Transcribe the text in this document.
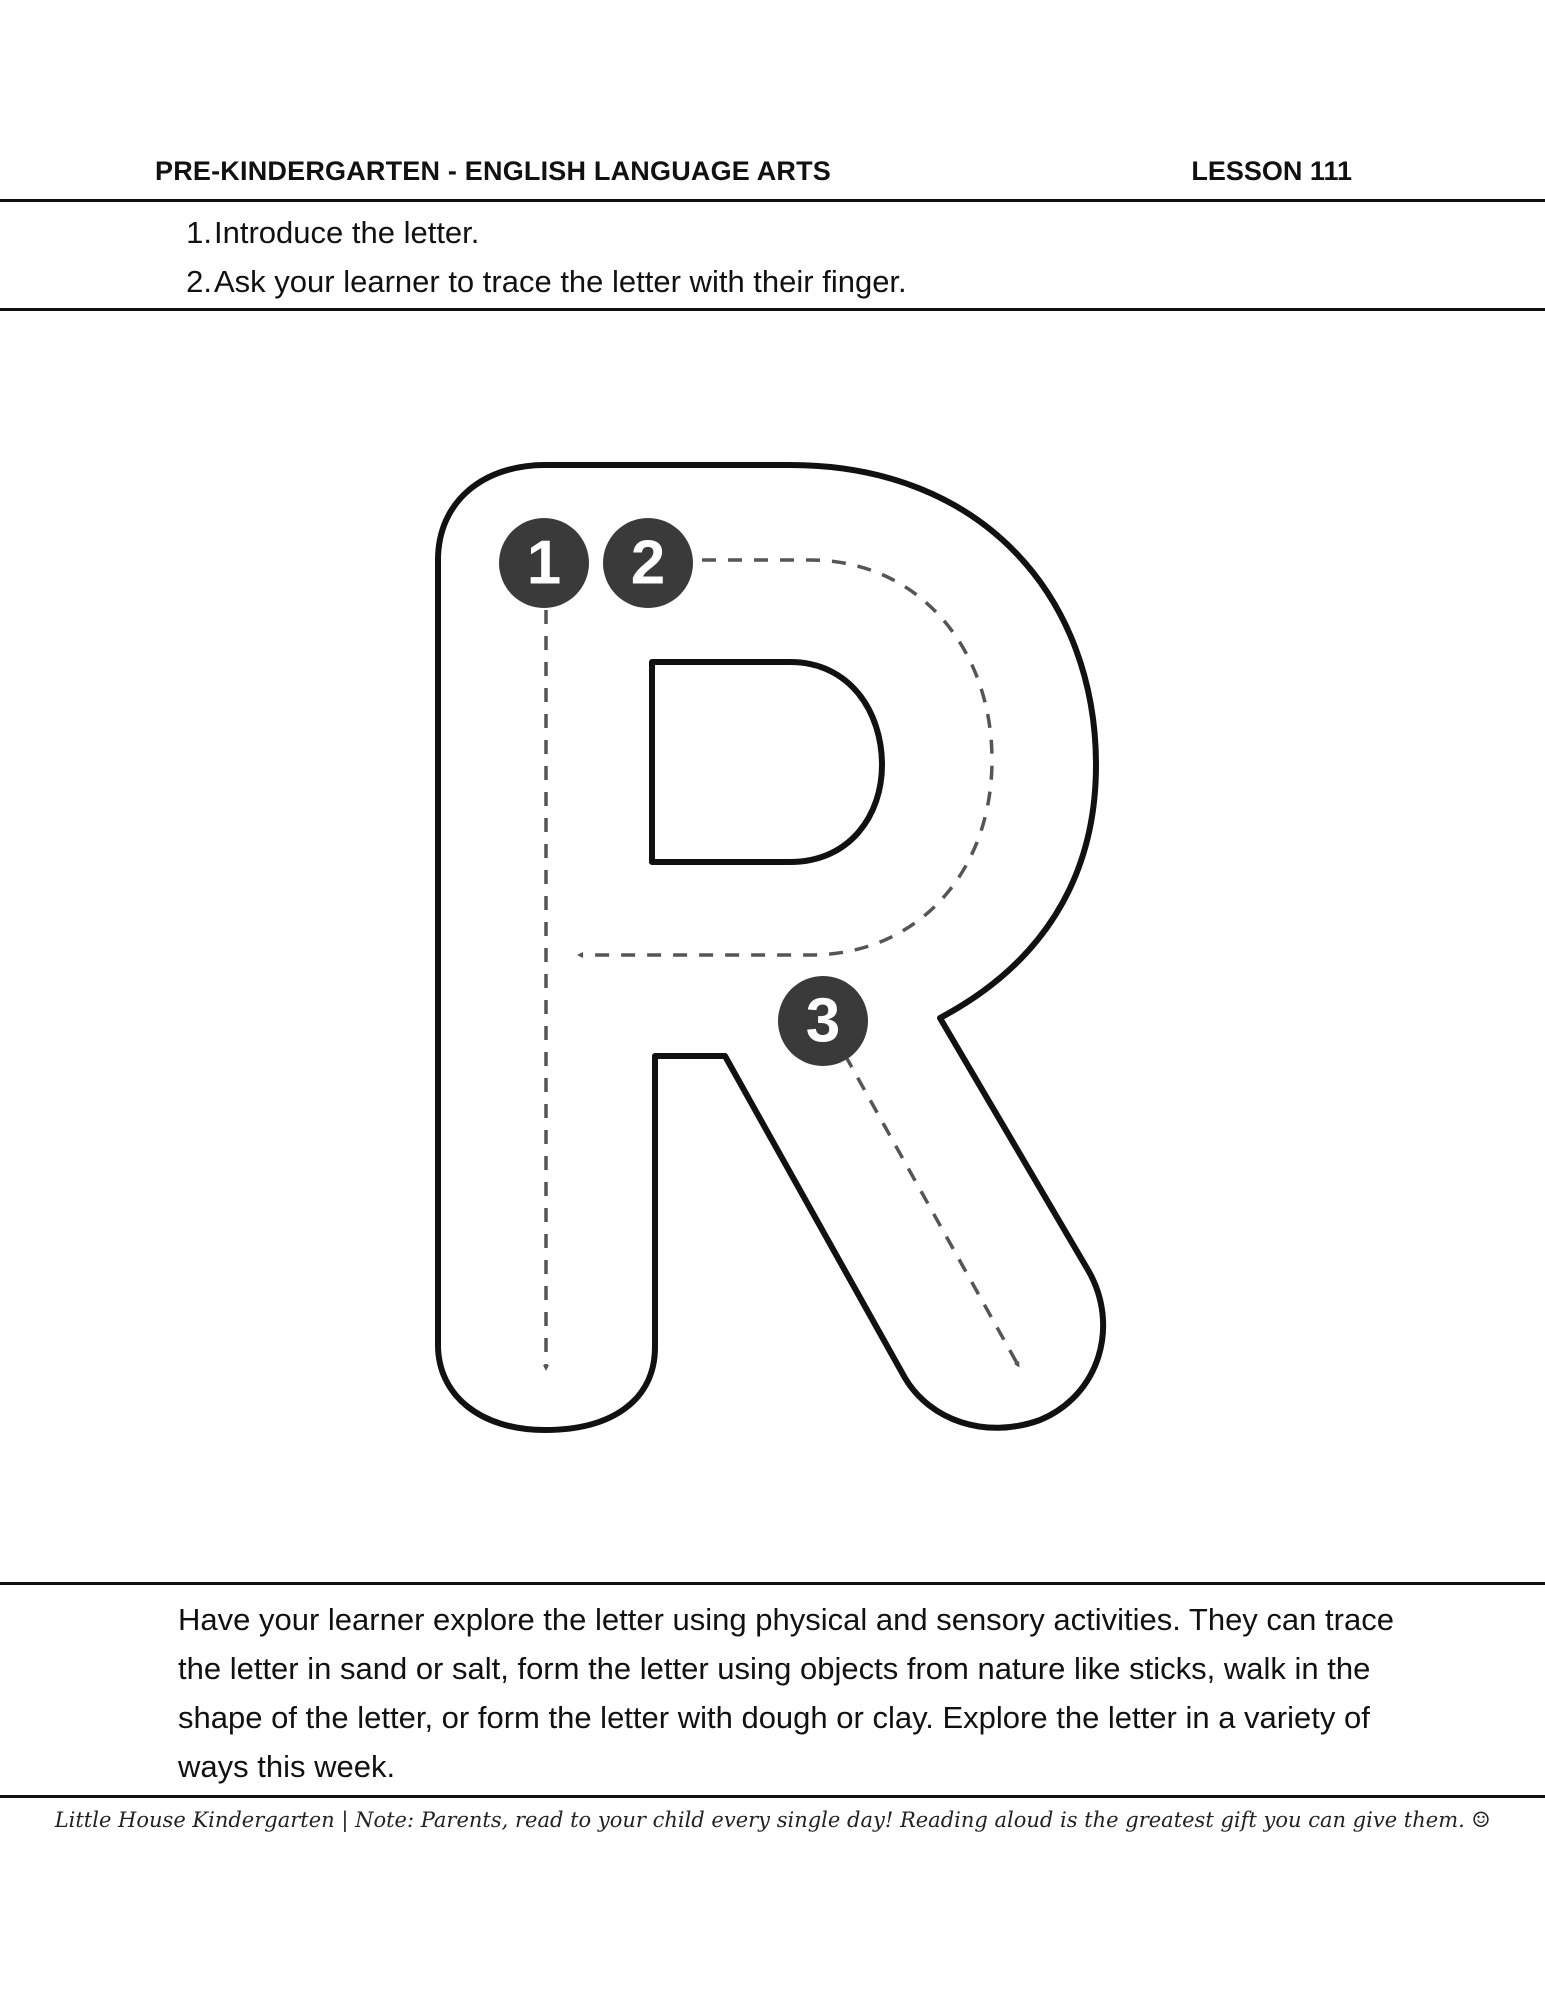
PRE-KINDERGARTEN - ENGLISH LANGUAGE ARTS	LESSON 111
1. Introduce the letter.
2. Ask your learner to trace the letter with their finger.
1 2
3

Have your learner explore the letter using physical and sensory activities. They can trace the letter in sand or salt, form the letter using objects from nature like sticks, walk in the shape of the letter, or form the letter with dough or clay. Explore the letter in a variety of ways this week.

Little House Kindergarten | Note: Parents, read to your child every single day! Reading aloud is the greatest gift you can give them. ☺
